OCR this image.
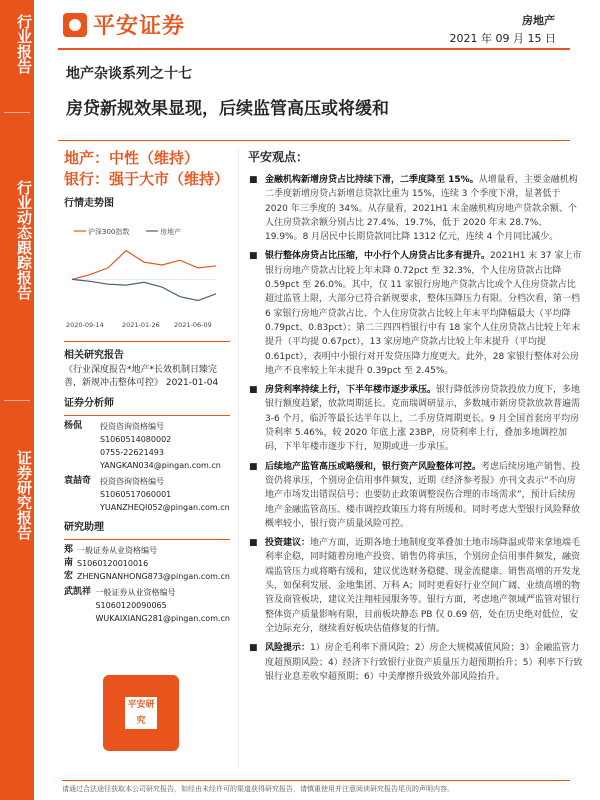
行业报告
行业动态跟踪报告
证券研究报告
平安证券	房地产
2021 年 09 月 15 日
地产杂谈系列之十七
房贷新规效果显现，后续监管高压或将缓和
地产：中性（维持）
银行：强于大市（维持）
行情走势图
沪深300指数	房地产
2020-09-14	2021-01-26 2021-06-09
相关研究报告
《行业深度报告*地产*长效机制日臻完善，新规冲击整体可控》 2021-01-04
证券分析师
杨侃	投资咨询资格编号
S1060514080002
0755-22621493
YANGKAN034@pingan.com.cn
袁喆奇	投资咨询资格编号
S1060517060001
YUANZHEQI052@pingan.com.cn
研究助理
郑南宏
一般证券从业资格编号
S1060120010016
ZHENGNANHONG873@pingan.com.cn
武凯祥 一般证券从业资格编号
S1060120090065
WUKAIXIANG281@pingan.com.cn
平安研究
平安观点：
■ 金融机构新增房贷占比持续下滑，二季度降至 15%。从增量看，主要金融机构二季度新增房贷占新增总贷款比重为 15%，连续 3 个季度下滑，显著低于 2020 年三季度的 34%。从存量看，2021H1 末金融机构房地产贷款余额、个人住房贷款余额分别占比 27.4%、19.7%，低于 2020 年末 28.7%、19.9%。8 月居民中长期贷款同比降 1312 亿元，连续 4 个月同比减少。
■ 银行整体房贷占比压缩，中小行个人房贷占比多有提升。2021H1 末 37 家上市银行房地产贷款占比较上年末降 0.72pct 至 32.3%，个人住房贷款占比降 0.59pct 至 26.0%。其中，仅 11 家银行房地产贷款占比或个人住房贷款占比超过监管上限，大部分已符合新规要求，整体压降压力有限。分档次看，第一档 6 家银行房地产贷款占比、个人住房贷款占比较上年末平均降幅最大（平均降 0.79pct、0.83pct）；第二三四四档银行中有 18 家个人住房贷款占比较上年末提升（平均提 0.67pct），13 家房地产贷款占比较上年末提升（平均提 0.61pct），表明中小银行对开发贷压降力度更大。此外，28 家银行整体对公房地产不良率较上年末提升 0.39pct 至 2.45%。
■ 房贷利率持续上行，下半年楼市逐步承压。银行降低涉房贷款投放力度下，多地银行额度趋紧，放款周期延长。克而瑞调研显示，多数城市新房贷款放款普遍需 3-6 个月，临沂等最长达半年以上，二手房贷周期更长。9 月全国首套房平均房贷利率 5.46%，较 2020 年底上涨 23BP，房贷利率上行，叠加多地调控加码，下半年楼市逐步下行，短期或进一步承压。
■ 后续地产监管高压或略缓和，银行资产风险整体可控。考虑后续房地产销售、投资仍将承压，个别房企信用事件频发，近期《经济参考报》亦刊文表示“不向房地产市场发出错误信号；也要防止政策调整误伤合理的市场需求”，预计后续房地产金融监管高压、楼市调控政策压力将有所缓和。同时考虑大型银行风险释放概率较小，银行资产质量风险可控。
■ 投资建议：地产方面，近期各地土地制度变革叠加土地市场降温或带来拿地端毛利率企稳，同时随着房地产投资、销售仍将承压，个别房企信用事件频发，融资端监管压力或将略有缓和，建议优选财务稳健、现金流健康、销售高增的开发龙头，如保利发展、金地集团、万科 A；同时更看好行业空间广阔、业绩高增的物管及商管板块，建议关注翔桂园服务等。银行方面，考虑地产领域严监管对银行整体资产质量影响有限，目前板块静态 PB 仅 0.69 倍，处在历史绝对低位，安全边际充分，继续看好板块估值修复的行情。
■ 风险提示：1）房企毛利率下滑风险；2）房企大规模减值风险；3）金融监管力度超预期风险；4）经济下行致银行业资产质量压力超预期抬升；5）利率下行致银行业息差收窄超预期；6）中美摩擦升级致外部风险抬升。
请通过合法途径获取本公司研究报告，如经由未经许可的渠道获得研究报告，请慎重使用并注意阅读研究报告尾页的声明内容。
